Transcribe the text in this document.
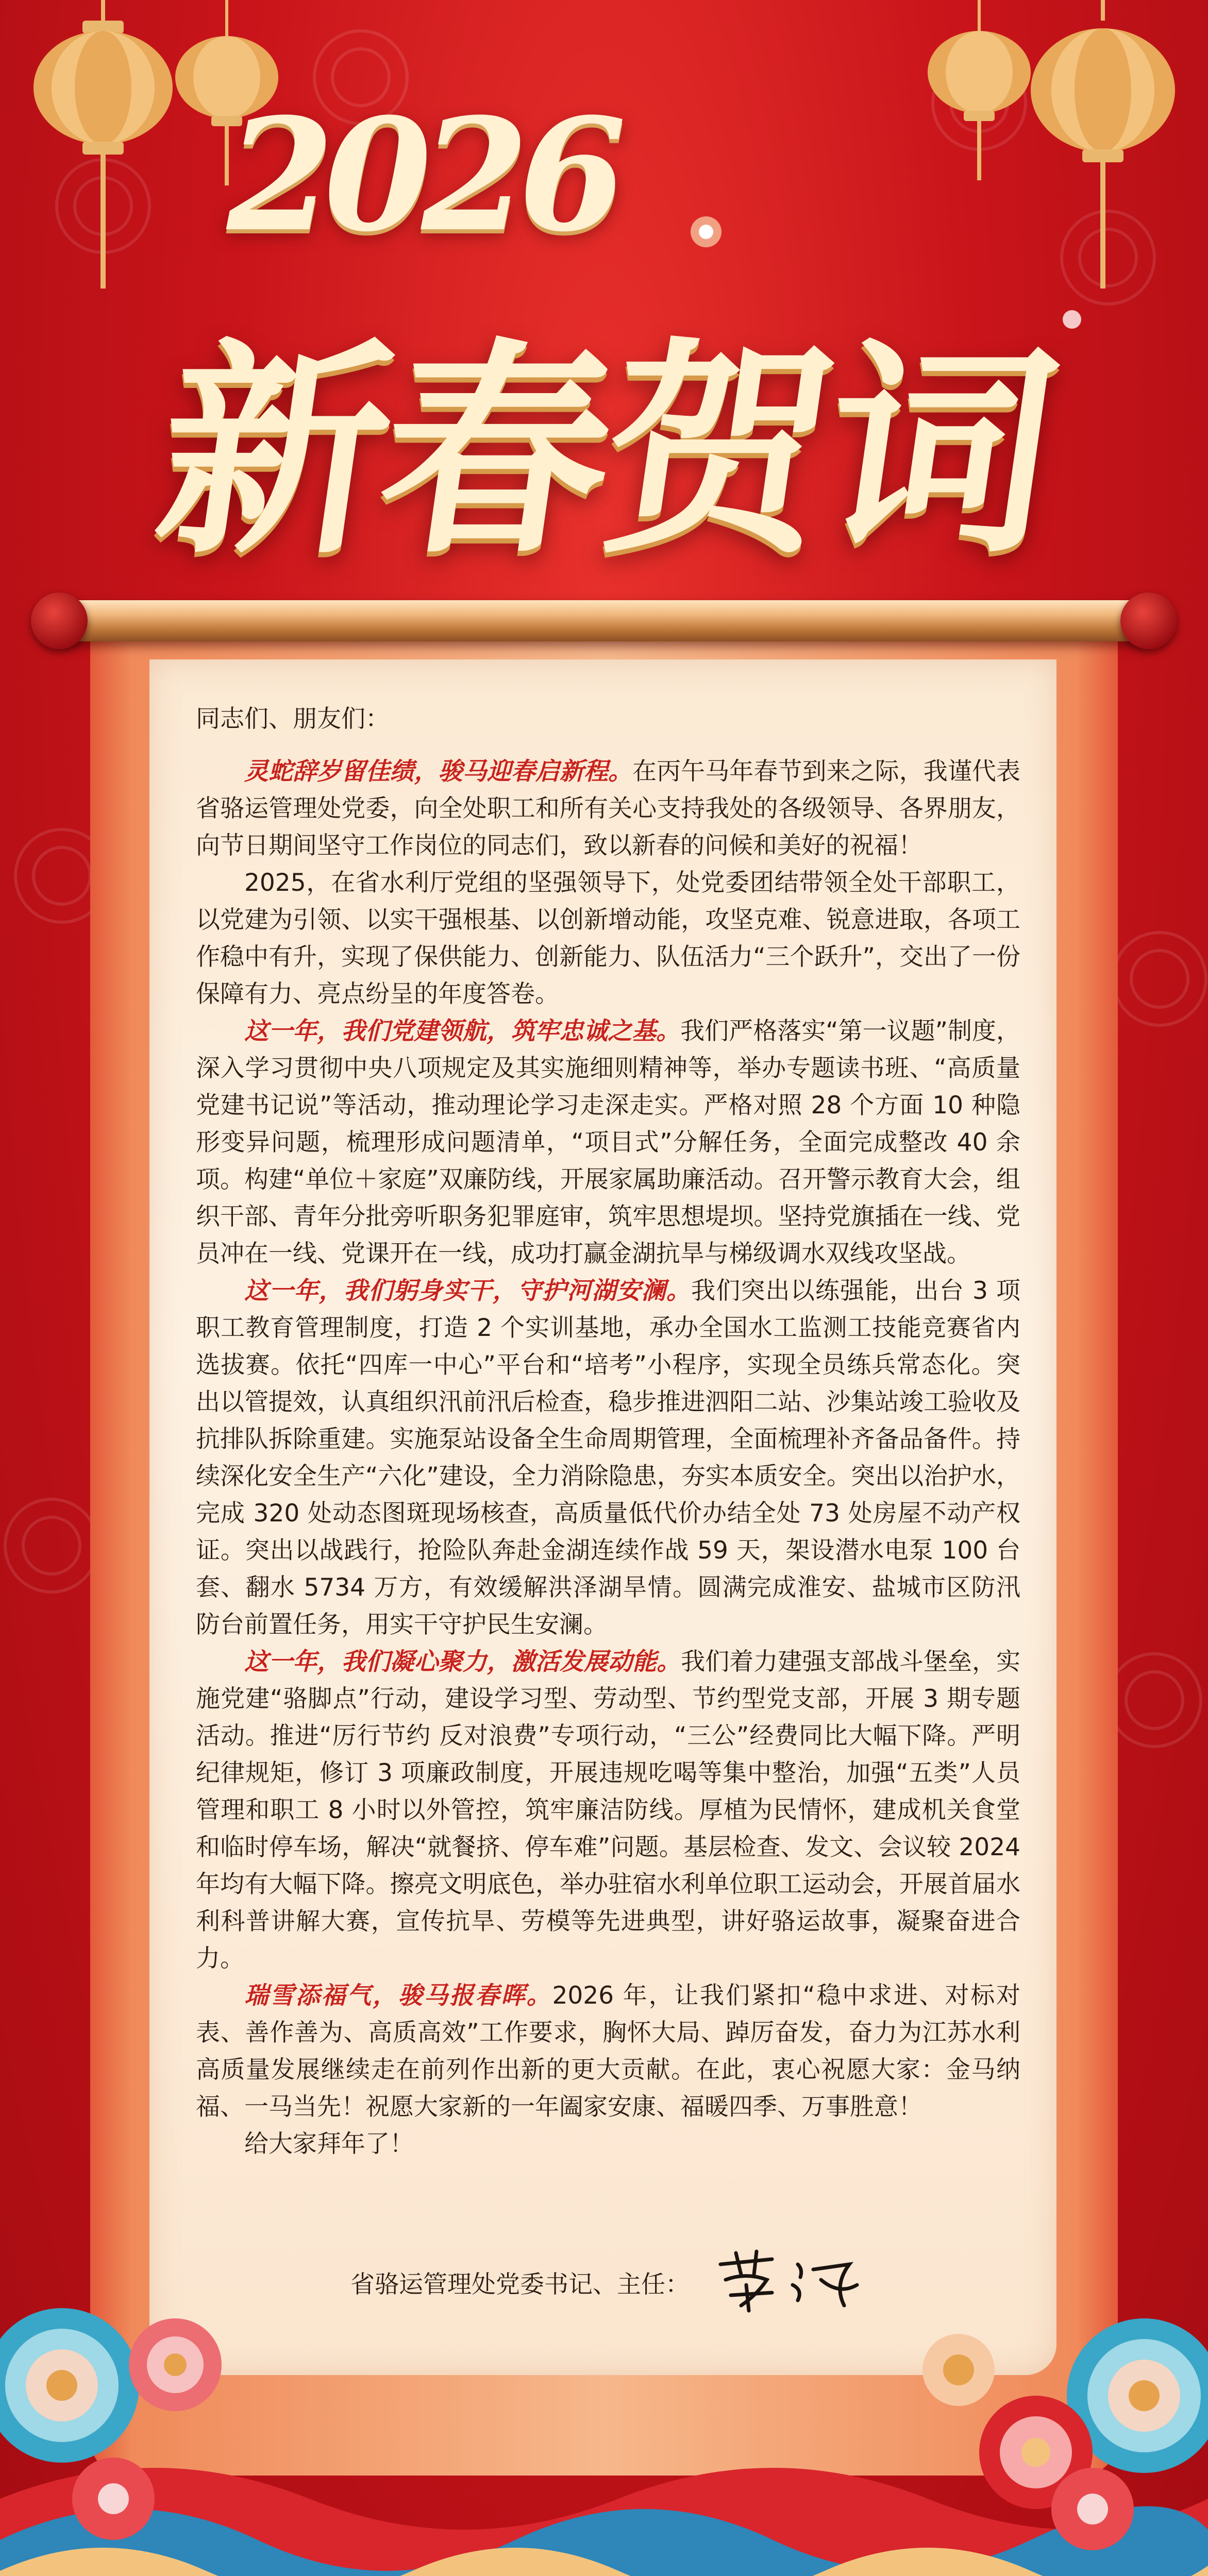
2026
新春贺词

同志们、朋友们：

灵蛇辞岁留佳绩，骏马迎春启新程。在丙午马年春节到来之际，我谨代表省骆运管理处党委，向全处职工和所有关心支持我处的各级领导、各界朋友，向节日期间坚守工作岗位的同志们，致以新春的问候和美好的祝福！

2025，在省水利厅党组的坚强领导下，处党委团结带领全处干部职工，以党建为引领、以实干强根基、以创新增动能，攻坚克难、锐意进取，各项工作稳中有升，实现了保供能力、创新能力、队伍活力“三个跃升”，交出了一份保障有力、亮点纷呈的年度答卷。

这一年，我们党建领航，筑牢忠诚之基。我们严格落实“第一议题”制度，深入学习贯彻中央八项规定及其实施细则精神等，举办专题读书班、“高质量党建书记说”等活动，推动理论学习走深走实。严格对照 28 个方面 10 种隐形变异问题，梳理形成问题清单，“项目式”分解任务，全面完成整改 40 余项。构建“单位＋家庭”双廉防线，开展家属助廉活动。召开警示教育大会，组织干部、青年分批旁听职务犯罪庭审，筑牢思想堤坝。坚持党旗插在一线、党员冲在一线、党课开在一线，成功打赢金湖抗旱与梯级调水双线攻坚战。

这一年，我们躬身实干，守护河湖安澜。我们突出以练强能，出台 3 项职工教育管理制度，打造 2 个实训基地，承办全国水工监测工技能竞赛省内选拔赛。依托“四库一中心”平台和“培考”小程序，实现全员练兵常态化。突出以管提效，认真组织汛前汛后检查，稳步推进泗阳二站、沙集站竣工验收及抗排队拆除重建。实施泵站设备全生命周期管理，全面梳理补齐备品备件。持续深化安全生产“六化”建设，全力消除隐患，夯实本质安全。突出以治护水，完成 320 处动态图斑现场核查，高质量低代价办结全处 73 处房屋不动产权证。突出以战践行，抢险队奔赴金湖连续作战 59 天，架设潜水电泵 100 台套、翻水 5734 万方，有效缓解洪泽湖旱情。圆满完成淮安、盐城市区防汛防台前置任务，用实干守护民生安澜。

这一年，我们凝心聚力，激活发展动能。我们着力建强支部战斗堡垒，实施党建“骆脚点”行动，建设学习型、劳动型、节约型党支部，开展 3 期专题活动。推进“厉行节约 反对浪费”专项行动，“三公”经费同比大幅下降。严明纪律规矩，修订 3 项廉政制度，开展违规吃喝等集中整治，加强“五类”人员管理和职工 8 小时以外管控，筑牢廉洁防线。厚植为民情怀，建成机关食堂和临时停车场，解决“就餐挤、停车难”问题。基层检查、发文、会议较 2024 年均有大幅下降。擦亮文明底色，举办驻宿水利单位职工运动会，开展首届水利科普讲解大赛，宣传抗旱、劳模等先进典型，讲好骆运故事，凝聚奋进合力。

瑞雪添福气，骏马报春晖。2026 年，让我们紧扣“稳中求进、对标对表、善作善为、高质高效”工作要求，胸怀大局、踔厉奋发，奋力为江苏水利高质量发展继续走在前列作出新的更大贡献。在此，衷心祝愿大家：金马纳福、一马当先！祝愿大家新的一年阖家安康、福暖四季、万事胜意！

给大家拜年了！

省骆运管理处党委书记、主任：
